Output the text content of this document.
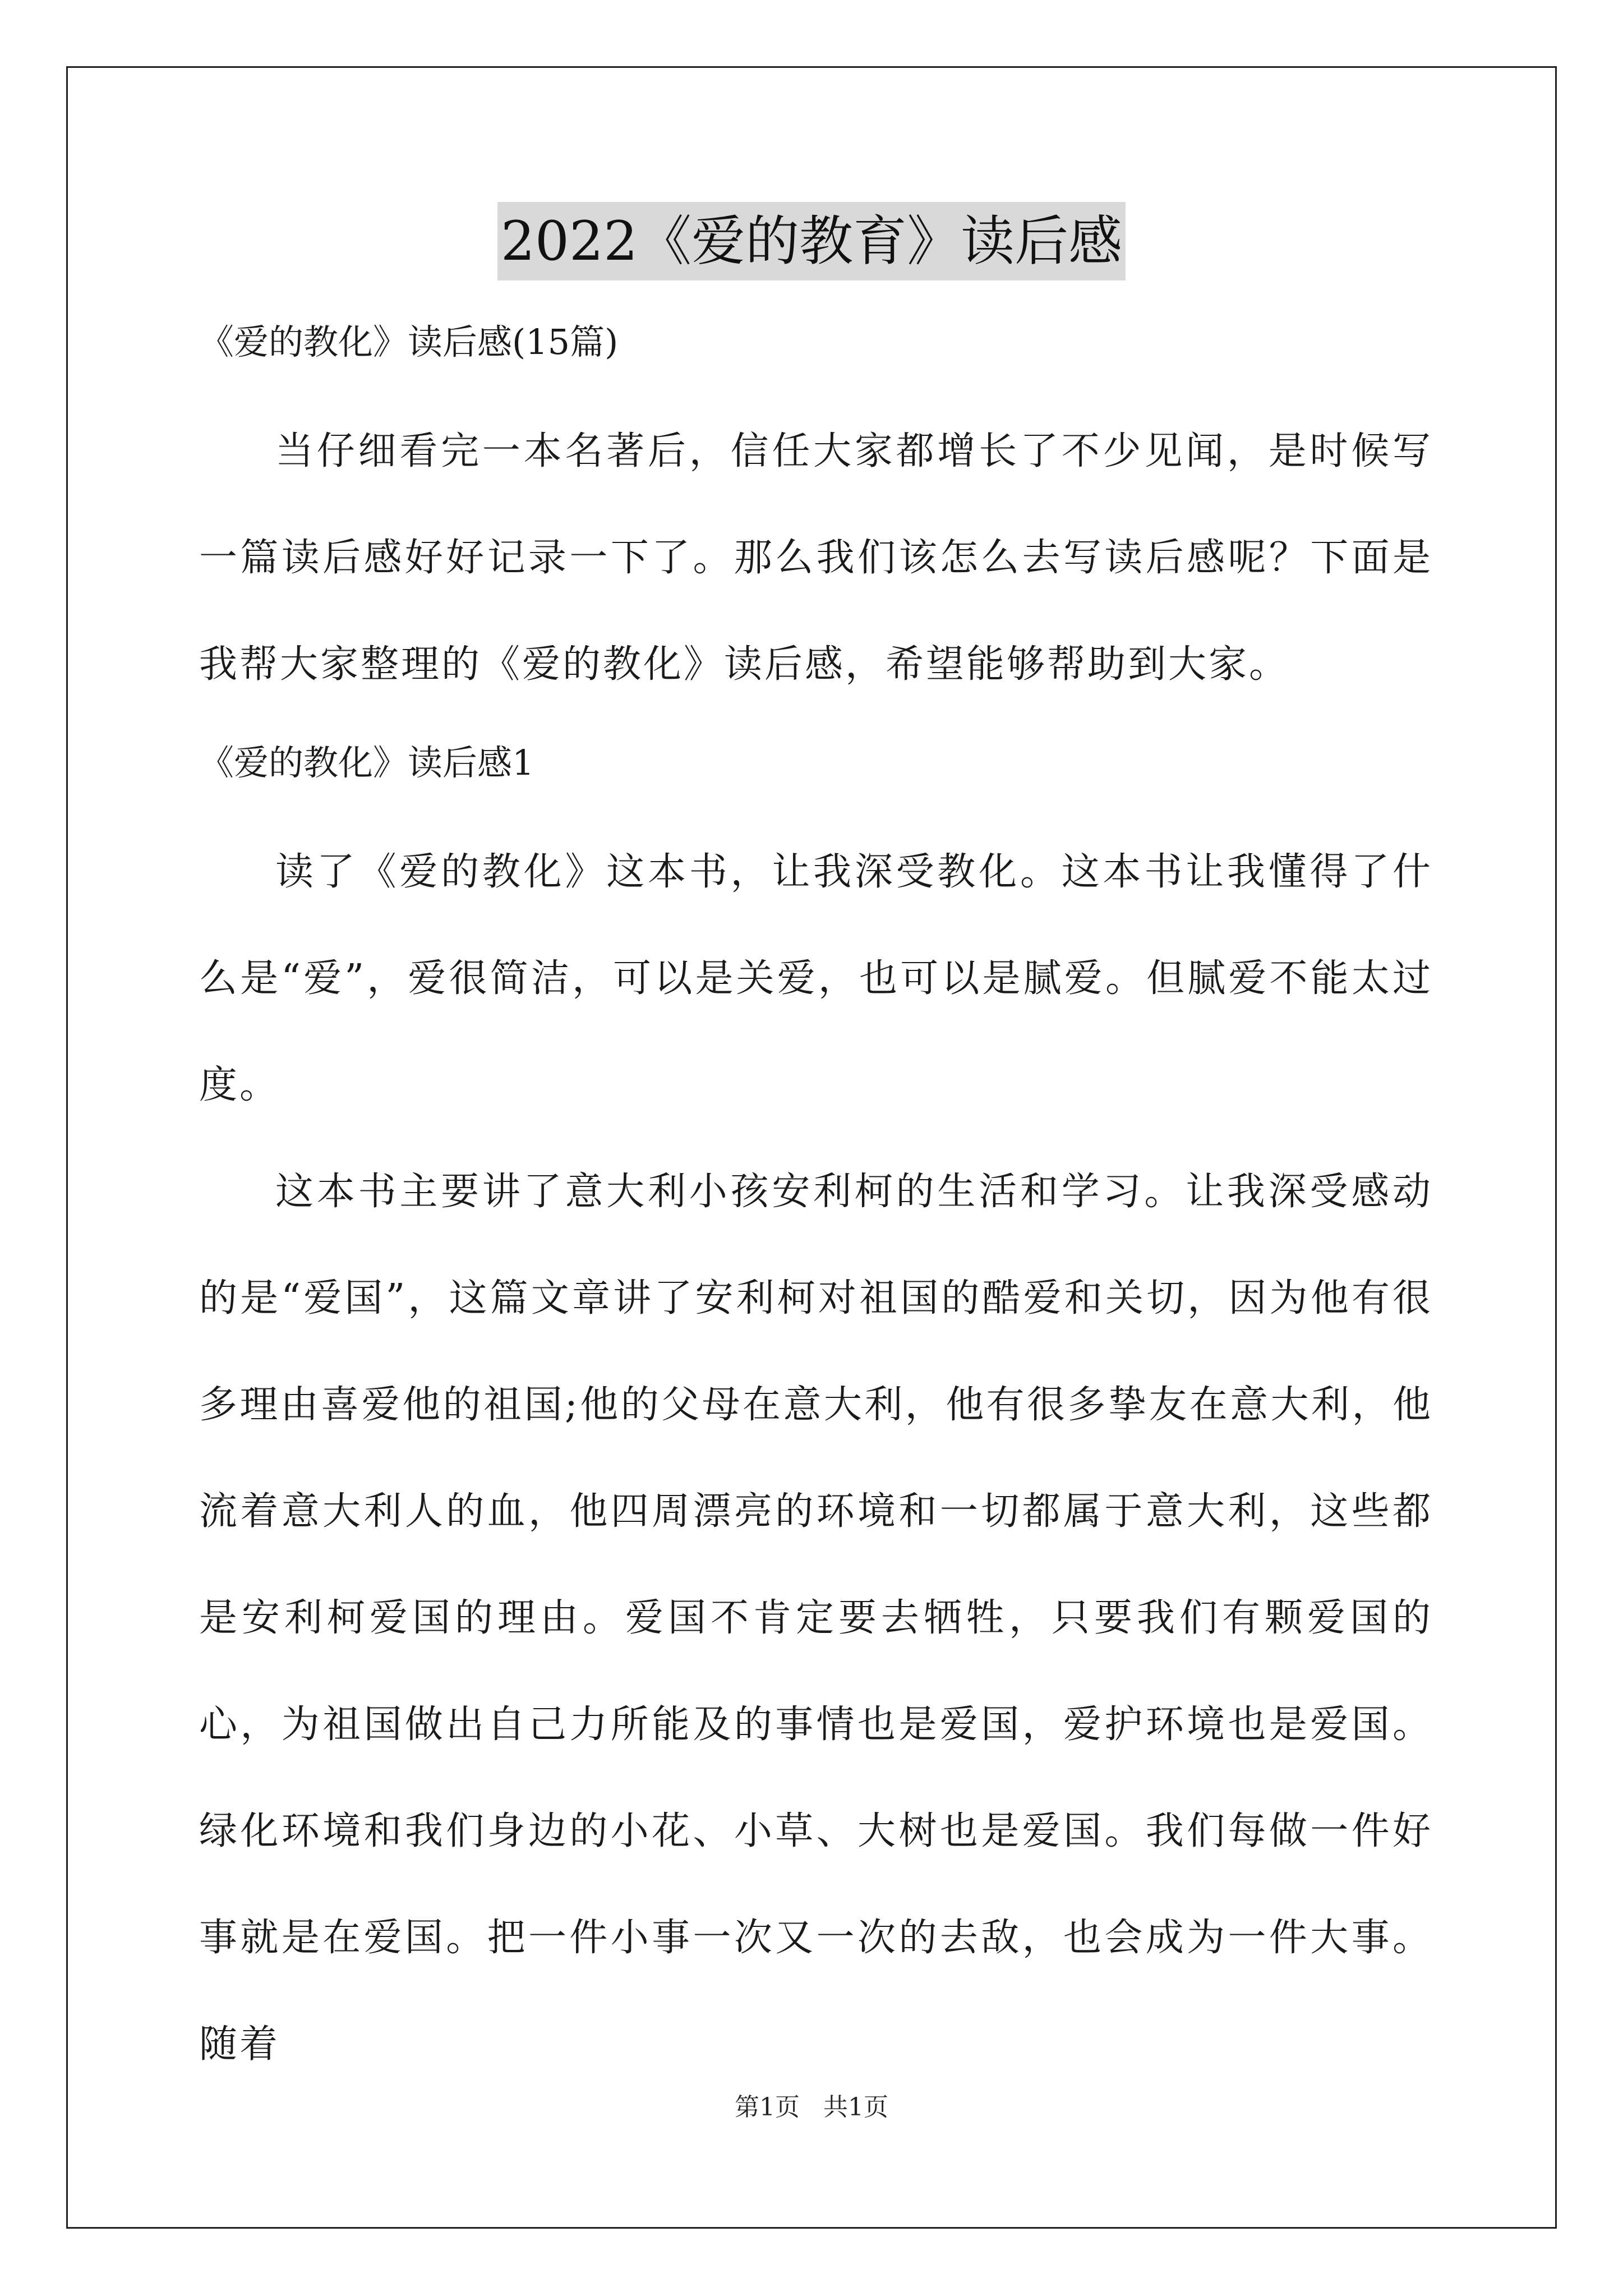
2022《爱的教育》读后感
《爱的教化》读后感(15篇)

当仔细看完一本名著后，信任大家都增长了不少见闻，是时候写一篇读后感好好记录一下了。那么我们该怎么去写读后感呢？下面是我帮大家整理的《爱的教化》读后感，希望能够帮助到大家。

《爱的教化》读后感1

读了《爱的教化》这本书，让我深受教化。这本书让我懂得了什么是“爱”，爱很简洁，可以是关爱，也可以是腻爱。但腻爱不能太过度。

这本书主要讲了意大利小孩安利柯的生活和学习。让我深受感动的是“爱国”，这篇文章讲了安利柯对祖国的酷爱和关切，因为他有很多理由喜爱他的祖国;他的父母在意大利，他有很多挚友在意大利，他流着意大利人的血，他四周漂亮的环境和一切都属于意大利，这些都是安利柯爱国的理由。爱国不肯定要去牺牲，只要我们有颗爱国的心，为祖国做出自己力所能及的事情也是爱国，爱护环境也是爱国。绿化环境和我们身边的小花、小草、大树也是爱国。我们每做一件好事就是在爱国。把一件小事一次又一次的去敌，也会成为一件大事。随着

第1页 共1页
